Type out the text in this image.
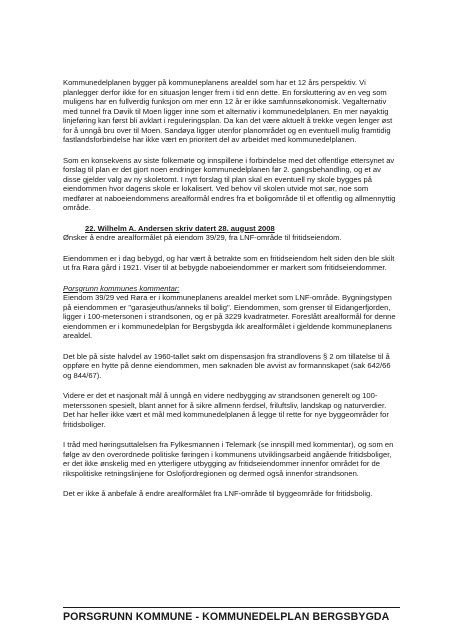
Kommunedelplanen bygger på kommuneplanens arealdel som har et 12 års perspektiv. Vi planlegger derfor ikke for en situasjon lenger frem i tid enn dette. En forskuttering av en veg som muligens har en fullverdig funksjon om mer enn 12 år er ikke samfunnsøkonomisk. Vegalternativ med tunnel fra Døvik til Moen ligger inne som et alternativ i kommunedelplanen. En mer nøyaktig linjeføring kan først bli avklart i reguleringsplan. Da kan det være aktuelt å trekke vegen lenger øst for å unngå bru over til Moen. Sandøya ligger utenfor planområdet og en eventuell mulig framtidig fastlandsforbindelse har ikke vært en prioritert del av arbeidet med kommunedelplanen.

Som en konsekvens av siste folkemøte og innspillene i forbindelse med det offentlige ettersynet av forslag til plan er det gjort noen endringer kommunedelplanen før 2. gangsbehandling, og et av disse gjelder valg av ny skoletomt. I nytt forslag til plan skal en eventuell ny skole bygges på eiendommen hvor dagens skole er lokalisert. Ved behov vil skolen utvide mot sør, noe som medfører at naboeiendommens arealformål endres fra et boligområde til et offentlig og allmennyttig område.

22. Wilhelm A. Andersen skriv datert 28. august 2008
Ønsker å endre arealformålet på eiendom 39/29, fra LNF-område til fritidseiendom.

Eiendommen er i dag bebygd, og har vært å betrakte som en fritidseiendom helt siden den ble skilt ut fra Røra gård i 1921. Viser til at bebygde naboeiendommer er markert som fritidseiendommer.

Porsgrunn kommunes kommentar:
Eiendom 39/29 ved Røra er i kommuneplanens arealdel merket som LNF-område. Bygningstypen på eiendommen er "garasjeuthus/anneks til bolig". Eiendommen, som grenser til Eidangerfjorden, ligger i 100-metersonen i strandsonen, og er på 3229 kvadratmeter. Foreslått arealformål for denne eiendommen er i kommunedelplan for Bergsbygda ikk arealformålet i gjeldende kommuneplanens arealdel.

Det ble på siste halvdel av 1960-tallet søkt om dispensasjon fra strandlovens § 2 om tillatelse til å oppføre en hytte på denne eiendommen, men søknaden ble avvist av formannskapet (sak 642/66 og 844/67).

Videre er det et nasjonalt mål å unngå en videre nedbygging av strandsonen generelt og 100-meterssonen spesielt, blant annet for å sikre allmenn ferdsel, friluftsliv, landskap og naturverdier. Det har heller ikke vært et mål med kommunedelplanen å legge til rette for nye byggeområder for fritidsboliger.

I tråd med høringsuttalelsen fra Fylkesmannen i Telemark (se innspill med kommentar), og som en følge av den overordnede politiske føringen i kommunens utviklingsarbeid angående fritidsboliger, er det ikke ønskelig med en ytterligere utbygging av fritidseiendommer innenfor området for de rikspolitiske retningslinjene for Oslofjordregionen og dermed også innenfor strandsonen.

Det er ikke å anbefale å endre arealformålet fra LNF-område til byggeområde for fritidsbolig.

PORSGRUNN KOMMUNE - KOMMUNEDELPLAN BERGSBYGDA
